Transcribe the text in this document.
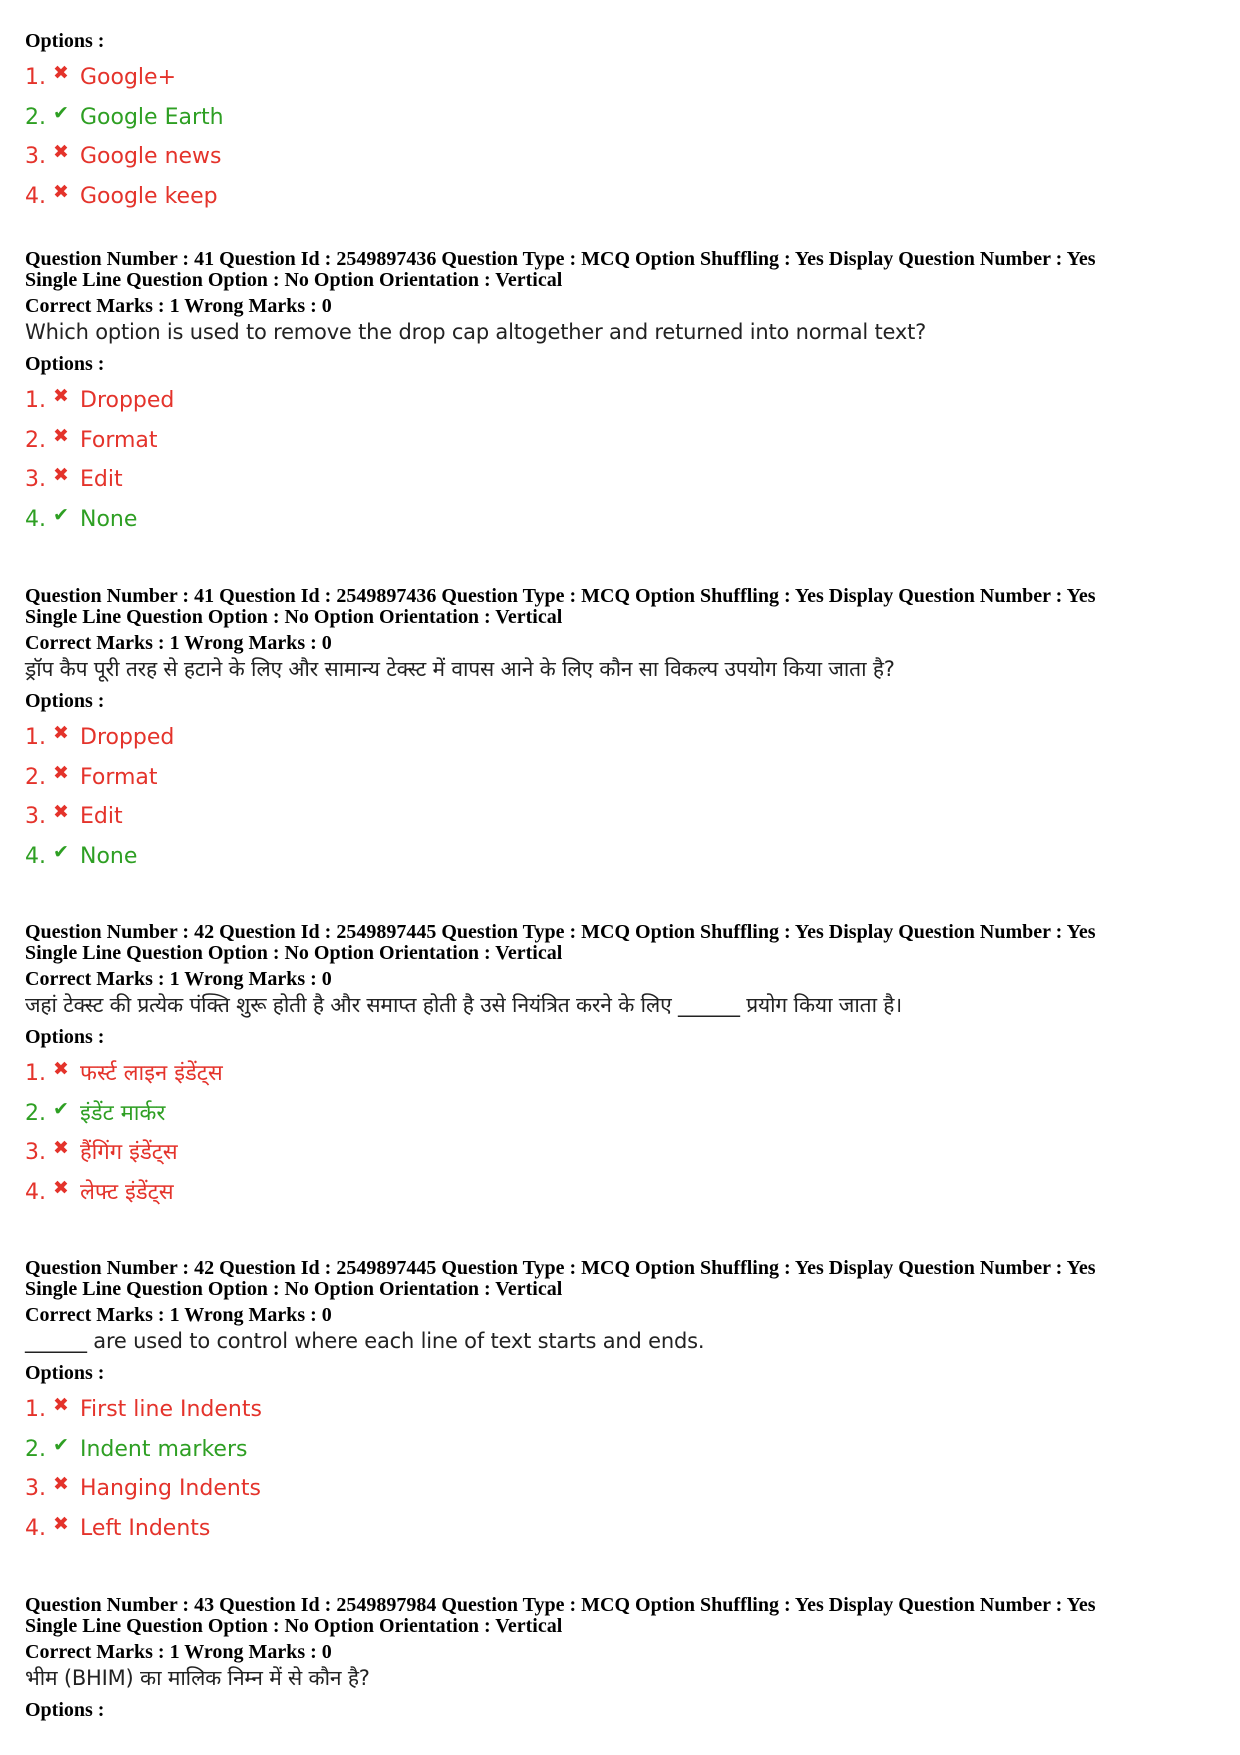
Options :
1. ✖ Google+
2. ✔ Google Earth
3. ✖ Google news
4. ✖ Google keep
Question Number : 41 Question Id : 2549897436 Question Type : MCQ Option Shuffling : Yes Display Question Number : Yes
Single Line Question Option : No Option Orientation : Vertical
Correct Marks : 1 Wrong Marks : 0
Which option is used to remove the drop cap altogether and returned into normal text?
Options :
1. ✖ Dropped
2. ✖ Format
3. ✖ Edit
4. ✔ None
Question Number : 41 Question Id : 2549897436 Question Type : MCQ Option Shuffling : Yes Display Question Number : Yes
Single Line Question Option : No Option Orientation : Vertical
Correct Marks : 1 Wrong Marks : 0
ड्रॉप कैप पूरी तरह से हटाने के लिए और सामान्य टेक्स्ट में वापस आने के लिए कौन सा विकल्प उपयोग किया जाता है?
Options :
1. ✖ Dropped
2. ✖ Format
3. ✖ Edit
4. ✔ None
Question Number : 42 Question Id : 2549897445 Question Type : MCQ Option Shuffling : Yes Display Question Number : Yes
Single Line Question Option : No Option Orientation : Vertical
Correct Marks : 1 Wrong Marks : 0
जहां टेक्स्ट की प्रत्येक पंक्ति शुरू होती है और समाप्त होती है उसे नियंत्रित करने के लिए ______ प्रयोग किया जाता है।
Options :
1. ✖ फर्स्ट लाइन इंडेंट्स
2. ✔ इंडेंट मार्कर
3. ✖ हैंगिंग इंडेंट्स
4. ✖ लेफ्ट इंडेंट्स
Question Number : 42 Question Id : 2549897445 Question Type : MCQ Option Shuffling : Yes Display Question Number : Yes
Single Line Question Option : No Option Orientation : Vertical
Correct Marks : 1 Wrong Marks : 0
______ are used to control where each line of text starts and ends.
Options :
1. ✖ First line Indents
2. ✔ Indent markers
3. ✖ Hanging Indents
4. ✖ Left Indents
Question Number : 43 Question Id : 2549897984 Question Type : MCQ Option Shuffling : Yes Display Question Number : Yes
Single Line Question Option : No Option Orientation : Vertical
Correct Marks : 1 Wrong Marks : 0
भीम (BHIM) का मालिक निम्न में से कौन है?
Options :
